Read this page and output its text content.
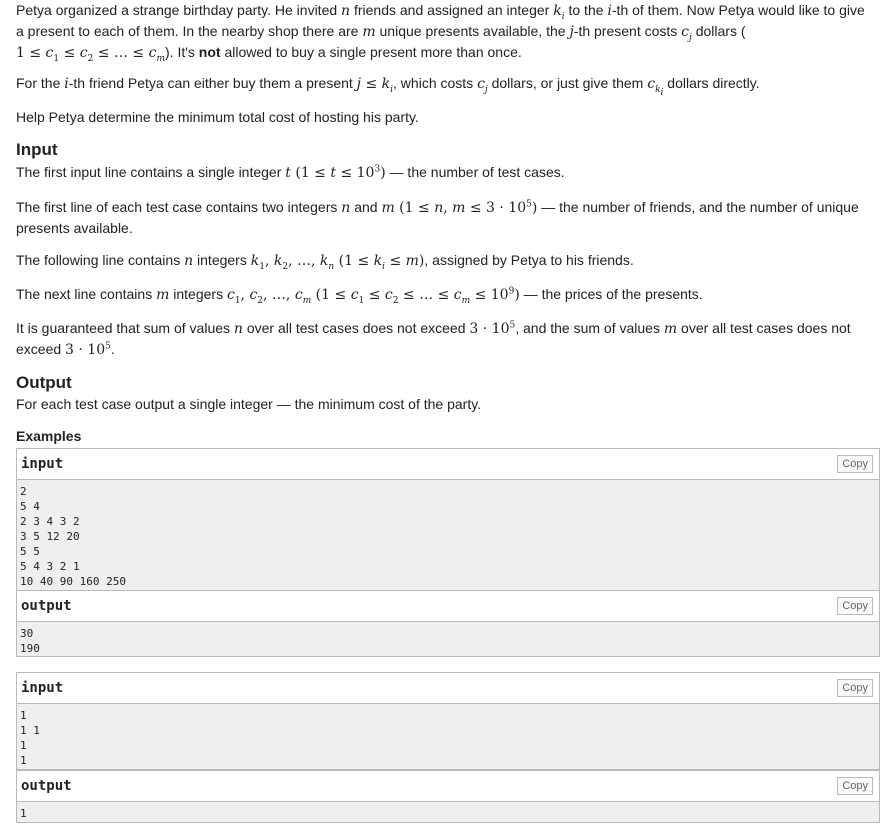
Petya organized a strange birthday party. He invited n friends and assigned an integer $k_i$ to the i-th of them. Now Petya would like to give

a present to each of them. In the nearby shop there are m unique presents available, the j-th present costs $c_j$ dollars (

$1 \le c_1 \le c_2$ ≤ … ≤ $c_m$). It's not allowed to buy a single present more than once.

For the i-th friend Petya can either buy them a present $j \le k_i$, which costs $c_j$ dollars, or just give them $c_{k_i}$ dollars directly.

Help Petya determine the minimum total cost of hosting his party.

Input

The first input line contains a single integer t $(1 \le t \le 10^3)$ — the number of test cases.

The first line of each test case contains two integers n and m (1 ≤ n, $m \le 3 \cdot 10^5$) — the number of friends, and the number of unique

presents available.

The following line contains n integers $k_1$, $k_2$, …, $k_n$ $(1 \le k_i \le m)$, assigned by Petya to his friends.

The next line contains m integers $c_1$, $c_2$, …, $c_m$ ($1 \le c_1 \le c_2$ ≤ … ≤ $c_m \le 10^9$) — the prices of the presents.

It is guaranteed that sum of values n over all test cases does not exceed $3 \cdot 10^5$, and the sum of values m over all test cases does not

exceed $3 \cdot 10^5$.

Output

For each test case output a single integer — the minimum cost of the party.

Examples
input	Copy
2
5 4
2 3 4 3 2
3 5 12 20
5 5
5 4 3 2 1
10 40 90 160 250
output	Copy
30
190
input	Copy
1
1 1
1
1
output	Copy
1
